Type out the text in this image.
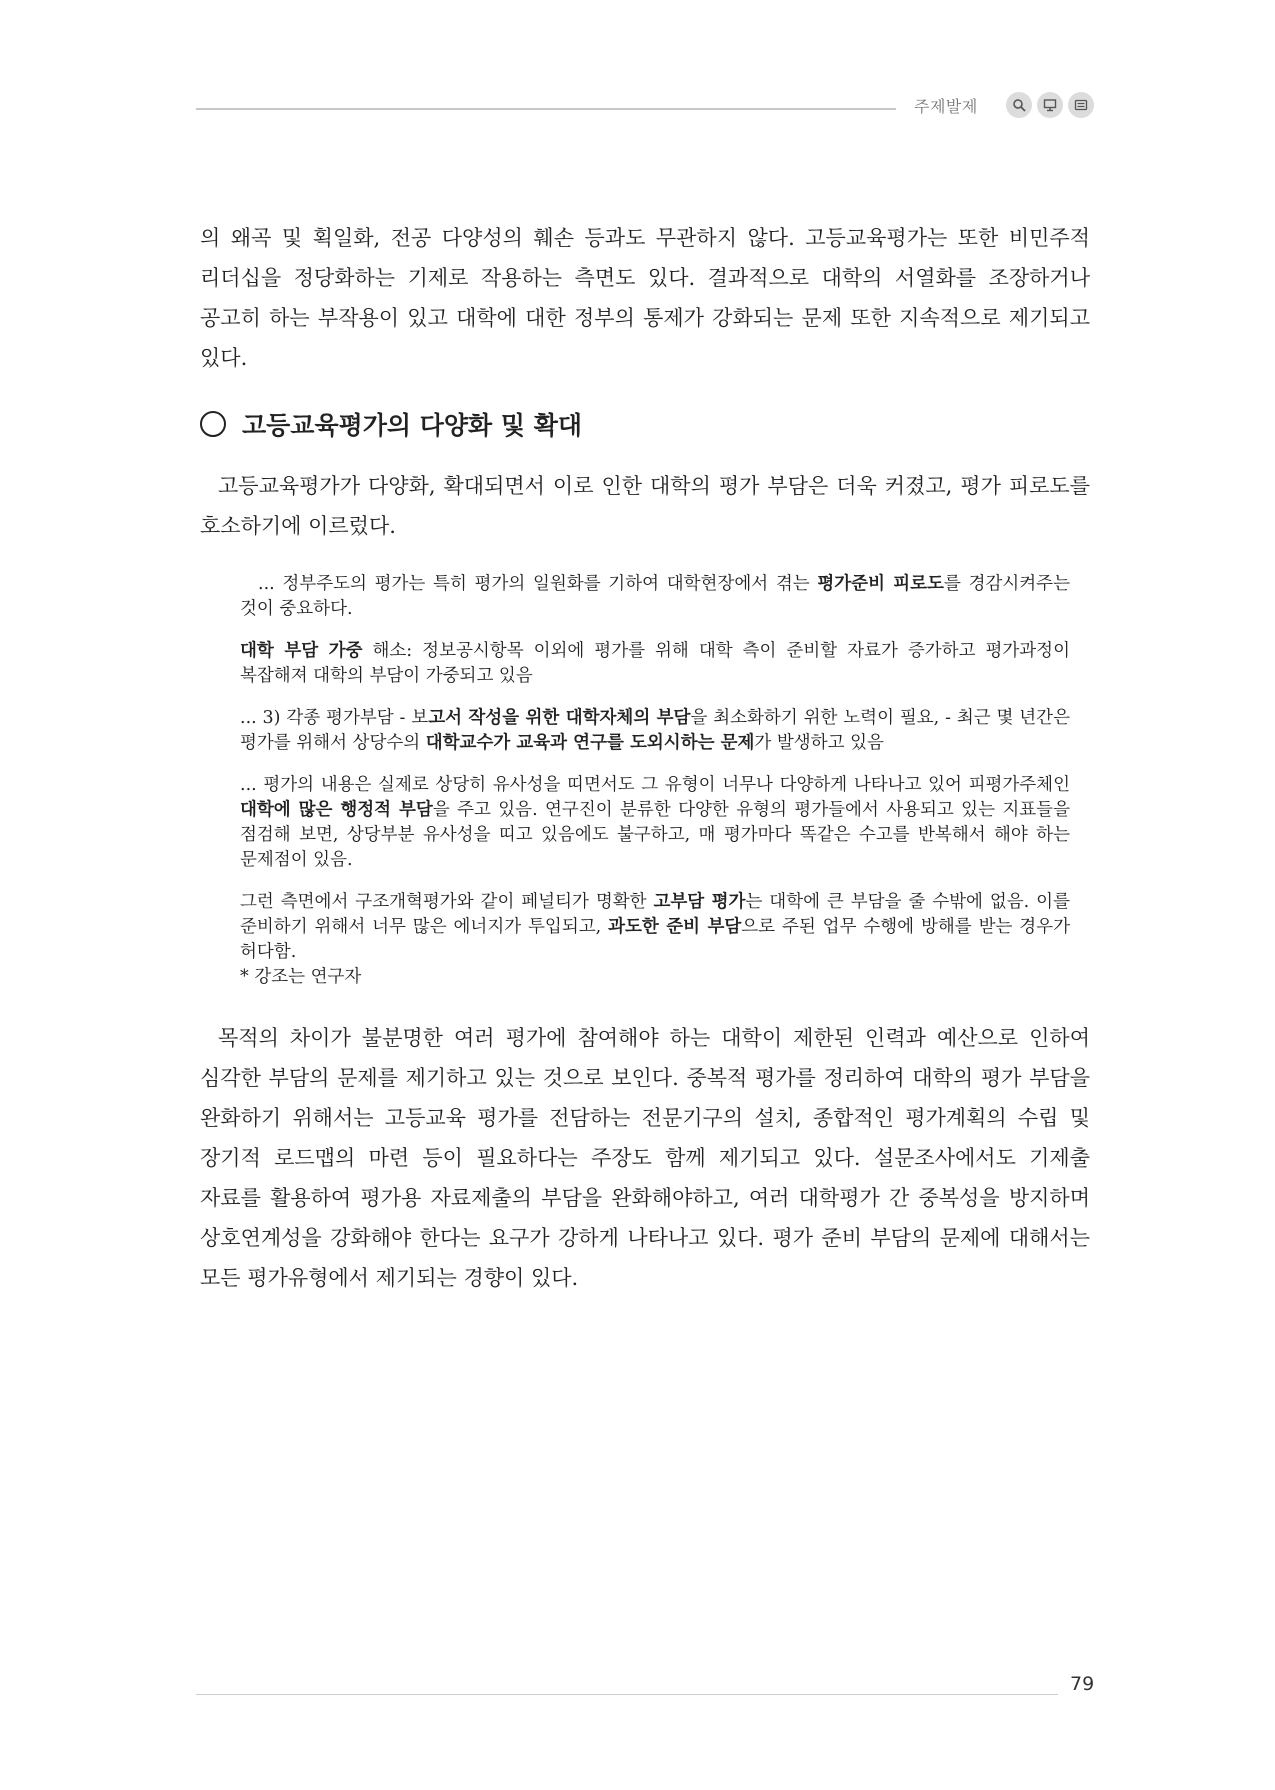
주제발제

의 왜곡 및 획일화, 전공 다양성의 훼손 등과도 무관하지 않다. 고등교육평가는 또한 비민주적 리더십을 정당화하는 기제로 작용하는 측면도 있다. 결과적으로 대학의 서열화를 조장하거나 공고히 하는 부작용이 있고 대학에 대한 정부의 통제가 강화되는 문제 또한 지속적으로 제기되고 있다.

고등교육평가의 다양화 및 확대

고등교육평가가 다양화, 확대되면서 이로 인한 대학의 평가 부담은 더욱 커졌고, 평가 피로도를 호소하기에 이르렀다.

... 정부주도의 평가는 특히 평가의 일원화를 기하여 대학현장에서 겪는 평가준비 피로도를 경감시켜주는 것이 중요하다.

대학 부담 가중 해소: 정보공시항목 이외에 평가를 위해 대학 측이 준비할 자료가 증가하고 평가과정이 복잡해져 대학의 부담이 가중되고 있음

... 3) 각종 평가부담 - 보고서 작성을 위한 대학자체의 부담을 최소화하기 위한 노력이 필요, - 최근 몇 년간은 평가를 위해서 상당수의 대학교수가 교육과 연구를 도외시하는 문제가 발생하고 있음

... 평가의 내용은 실제로 상당히 유사성을 띠면서도 그 유형이 너무나 다양하게 나타나고 있어 피평가주체인 대학에 많은 행정적 부담을 주고 있음. 연구진이 분류한 다양한 유형의 평가들에서 사용되고 있는 지표들을 점검해 보면, 상당부분 유사성을 띠고 있음에도 불구하고, 매 평가마다 똑같은 수고를 반복해서 해야 하는 문제점이 있음.

그런 측면에서 구조개혁평가와 같이 페널티가 명확한 고부담 평가는 대학에 큰 부담을 줄 수밖에 없음. 이를 준비하기 위해서 너무 많은 에너지가 투입되고, 과도한 준비 부담으로 주된 업무 수행에 방해를 받는 경우가 허다함.

* 강조는 연구자

목적의 차이가 불분명한 여러 평가에 참여해야 하는 대학이 제한된 인력과 예산으로 인하여 심각한 부담의 문제를 제기하고 있는 것으로 보인다. 중복적 평가를 정리하여 대학의 평가 부담을 완화하기 위해서는 고등교육 평가를 전담하는 전문기구의 설치, 종합적인 평가계획의 수립 및 장기적 로드맵의 마련 등이 필요하다는 주장도 함께 제기되고 있다. 설문조사에서도 기제출 자료를 활용하여 평가용 자료제출의 부담을 완화해야하고, 여러 대학평가 간 중복성을 방지하며 상호연계성을 강화해야 한다는 요구가 강하게 나타나고 있다. 평가 준비 부담의 문제에 대해서는 모든 평가유형에서 제기되는 경향이 있다.

79
